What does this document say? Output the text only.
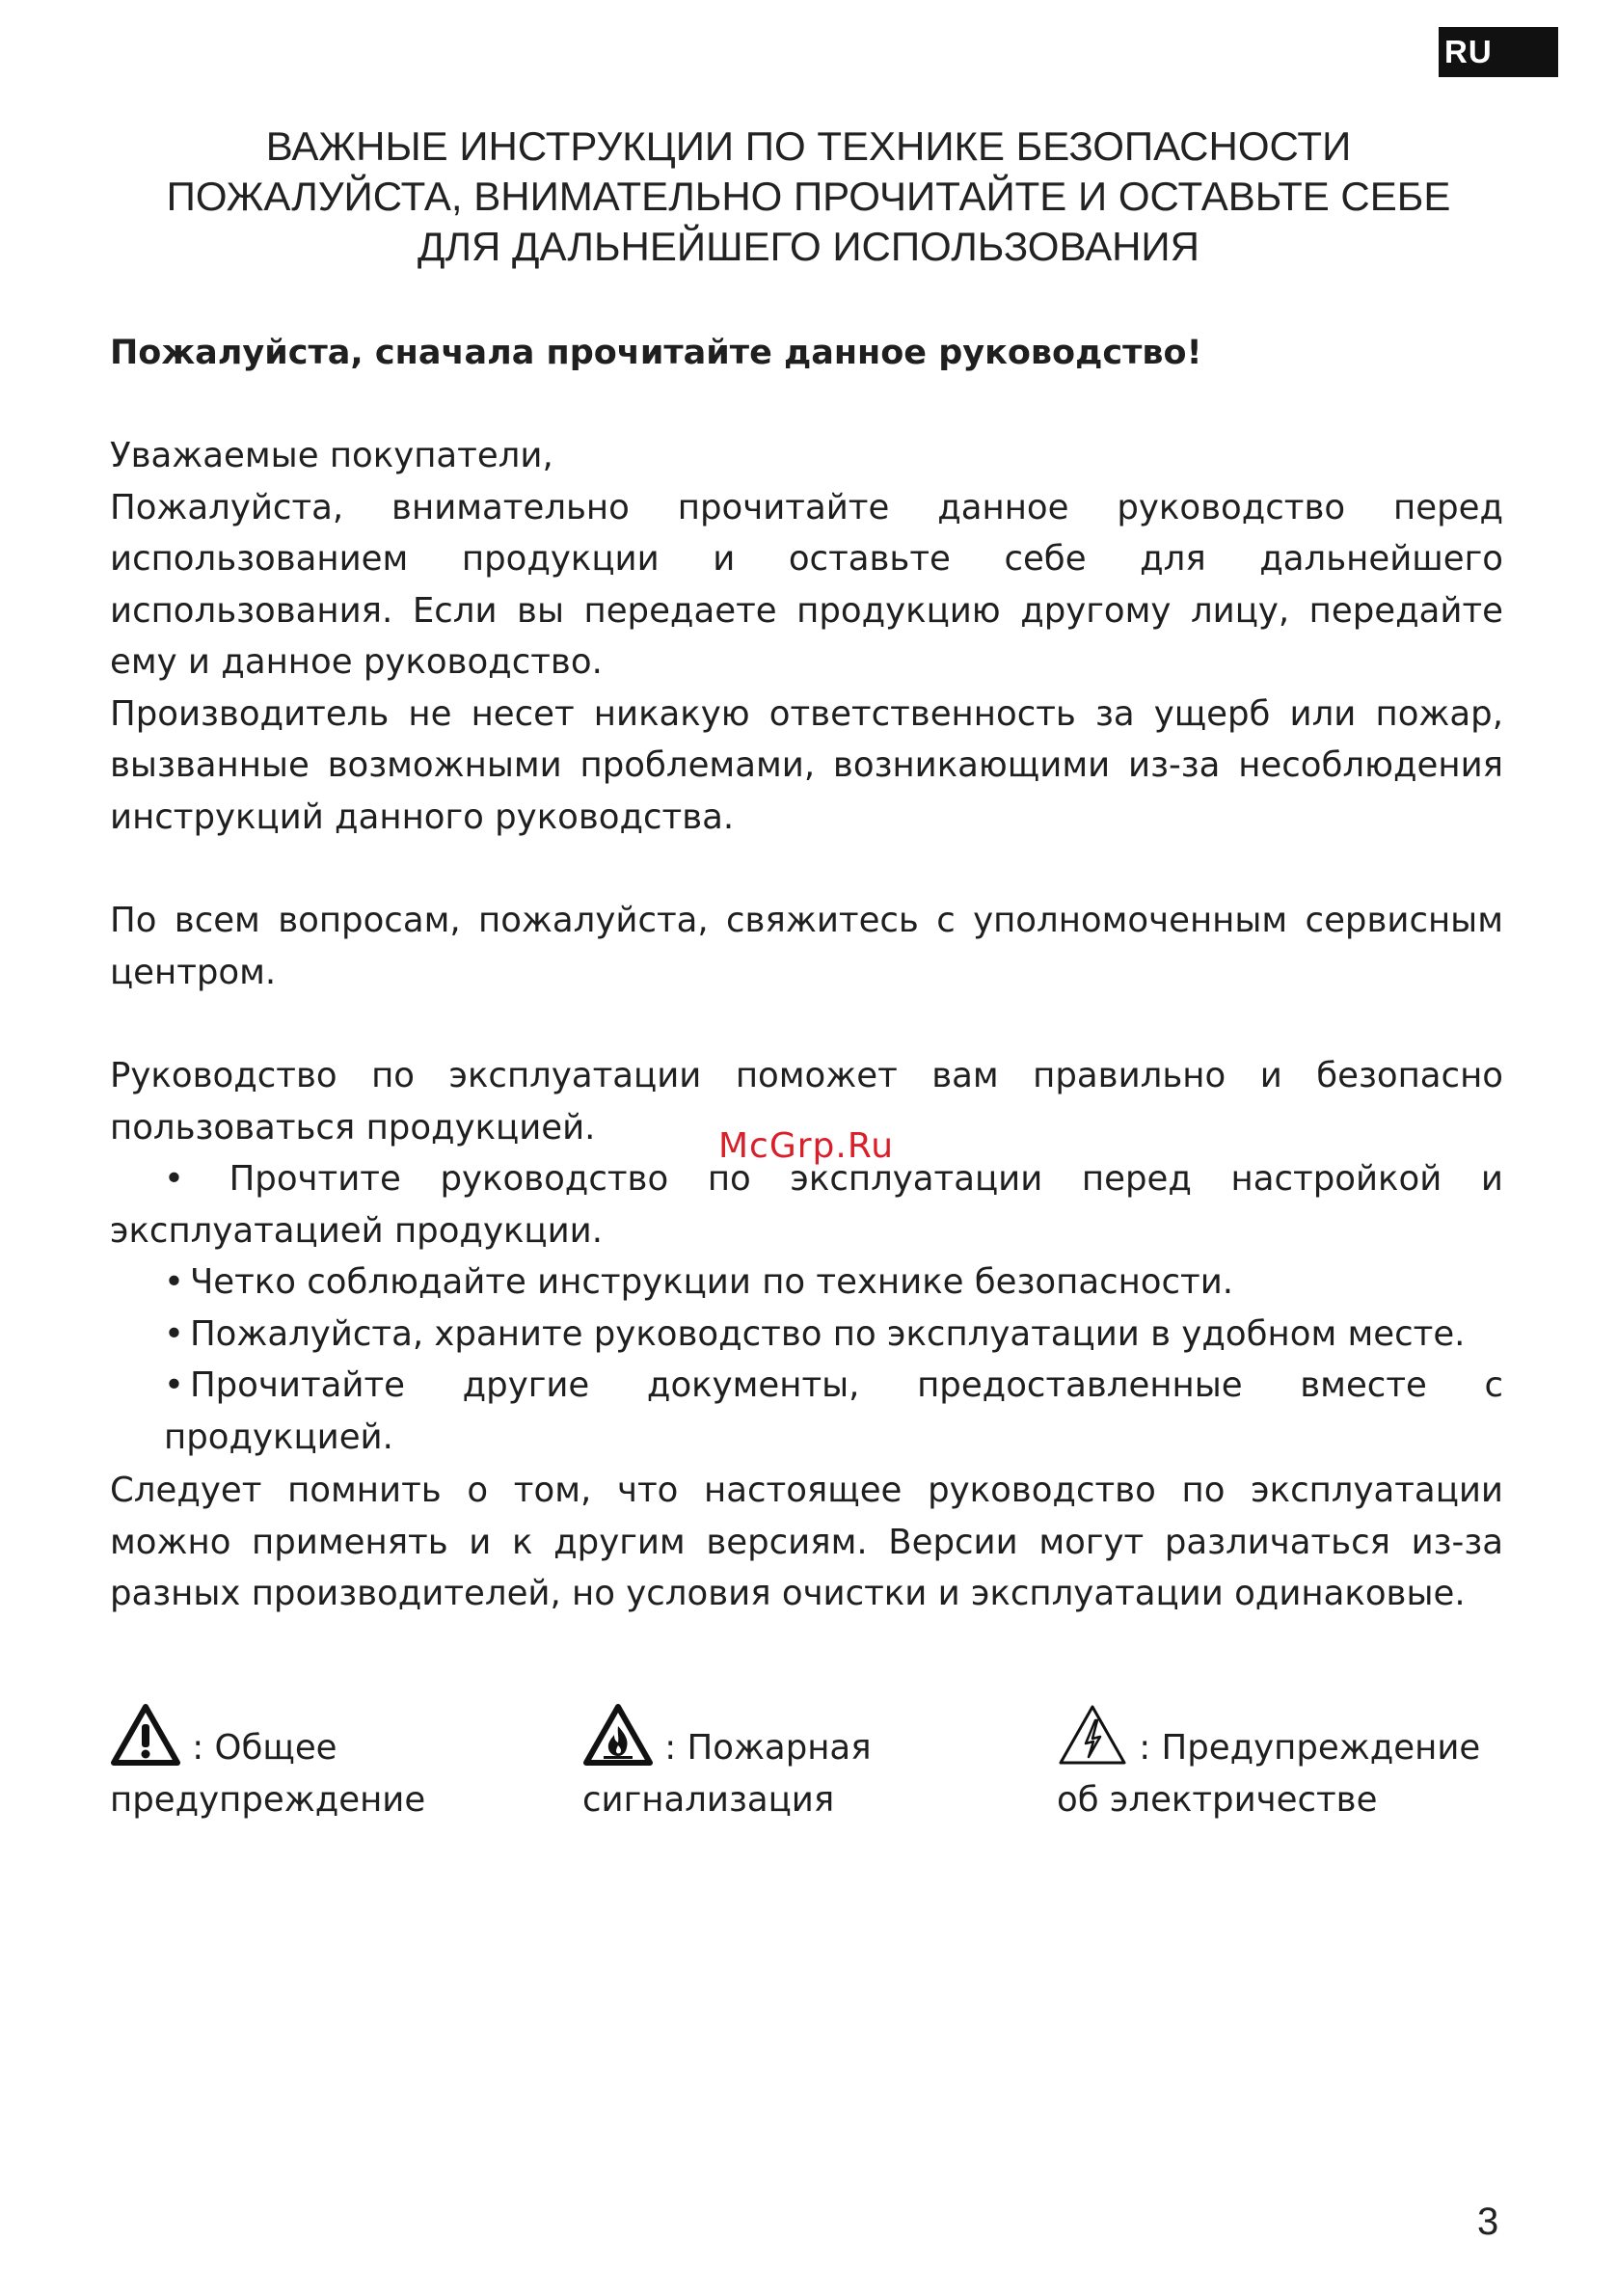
RU
ВАЖНЫЕ ИНСТРУКЦИИ ПО ТЕХНИКЕ БЕЗОПАСНОСТИ
ПОЖАЛУЙСТА, ВНИМАТЕЛЬНО ПРОЧИТАЙТЕ И ОСТАВЬТЕ СЕБЕ
ДЛЯ ДАЛЬНЕЙШЕГО ИСПОЛЬЗОВАНИЯ
Пожалуйста, сначала прочитайте данное руководство!

Уважаемые покупатели,

Пожалуйста, внимательно прочитайте данное руководство перед использованием продукции и оставьте себе для дальнейшего использования. Если вы передаете продукцию другому лицу, передайте ему и данное руководство.

Производитель не несет никакую ответственность за ущерб или пожар, вызванные возможными проблемами, возникающими из-за несоблюдения инструкций данного руководства.

По всем вопросам, пожалуйста, свяжитесь с уполномоченным сервисным центром.

Руководство по эксплуатации поможет вам правильно и безопасно пользоваться продукцией.

• Прочтите руководство по эксплуатации перед настройкой и
эксплуатацией продукции.
• Четко соблюдайте инструкции по технике безопасности.
• Пожалуйста, храните руководство по эксплуатации в удобном месте.
• Прочитайте другие документы, предоставленные вместе с продукцией.
McGrp.Ru

Следует помнить о том, что настоящее руководство по эксплуатации можно применять и к другим версиям. Версии могут различаться из-за разных производителей, но условия очистки и эксплуатации одинаковые.

: Общее
предупреждение
: Пожарная
сигнализация
: Предупреждение
об электричестве
3
